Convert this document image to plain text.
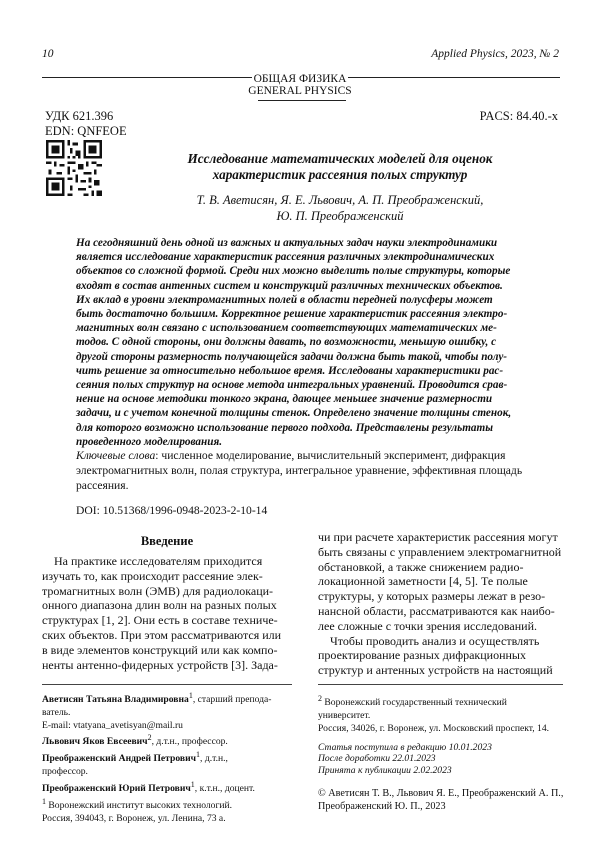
10	Applied Physics, 2023, № 2
ОБЩАЯ ФИЗИКА
GENERAL PHYSICS
УДК 621.396
EDN: QNFEOE
PACS: 84.40.-x
Исследование математических моделей для оценок
характеристик рассеяния полых структур
Т. В. Аветисян, Я. Е. Львович, А. П. Преображенский,
Ю. П. Преображенский
На сегодняшний день одной из важных и актуальных задач науки электродинамики
является исследование характеристик рассеяния различных электродинамических
объектов со сложной формой. Среди них можно выделить полые структуры, которые
входят в состав антенных систем и конструкций различных технических объектов.
Их вклад в уровни электромагнитных полей в области передней полусферы может
быть достаточно большим. Корректное решение характеристик рассеяния электро-
магнитных волн связано с использованием соответствующих математических ме-
тодов. С одной стороны, они должны давать, по возможности, меньшую ошибку, с
другой стороны размерность получающейся задачи должна быть такой, чтобы полу-
чить решение за относительно небольшое время. Исследованы характеристики рас-
сеяния полых структур на основе метода интегральных уравнений. Проводится срав-
нение на основе методики тонкого экрана, дающее меньшее значение размерности
задачи, и с учетом конечной толщины стенок. Определено значение толщины стенок,
для которого возможно использование первого подхода. Представлены результаты
проведенного моделирования.
Ключевые слова: численное моделирование, вычислительный эксперимент, дифракция
электромагнитных волн, полая структура, интегральное уравнение, эффективная площадь
рассеяния.
DOI: 10.51368/1996-0948-2023-2-10-14
Введение
На практике исследователям приходится
изучать то, как происходит рассеяние элек-
тромагнитных волн (ЭМВ) для радиолокаци-
онного диапазона длин волн на разных полых
структурах [1, 2]. Они есть в составе техниче-
ских объектов. При этом рассматриваются или
в виде элементов конструкций или как компо-
ненты антенно-фидерных устройств [3]. Зада-
чи при расчете характеристик рассеяния могут
быть связаны с управлением электромагнитной
обстановкой, а также снижением радио-
локационной заметности [4, 5]. Те полые
структуры, у которых размеры лежат в резо-
нансной области, рассматриваются как наибо-
лее сложные с точки зрения исследований.
Чтобы проводить анализ и осуществлять
проектирование разных дифракционных
структур и антенных устройств на настоящий
Аветисян Татьяна Владимировна$^1$, старший препода-
ватель.
E-mail: vtatyana_avetisyan@mail.ru
Львович Яков Евсеевич$^2$, д.т.н., профессор.
Преображенский Андрей Петрович$^1$, д.т.н.,
профессор.
Преображенский Юрий Петрович$^1$, к.т.н., доцент.
$^1$ Воронежский институт высоких технологий.
Россия, 394043, г. Воронеж, ул. Ленина, 73 а.
$^2$ Воронежский государственный технический
университет.
Россия, 34026, г. Воронеж, ул. Московский проспект, 14.
Статья поступила в редакцию 10.01.2023
После доработки 22.01.2023
Принята к публикации 2.02.2023
© Аветисян Т. В., Львович Я. Е., Преображенский А. П.,
Преображенский Ю. П., 2023
